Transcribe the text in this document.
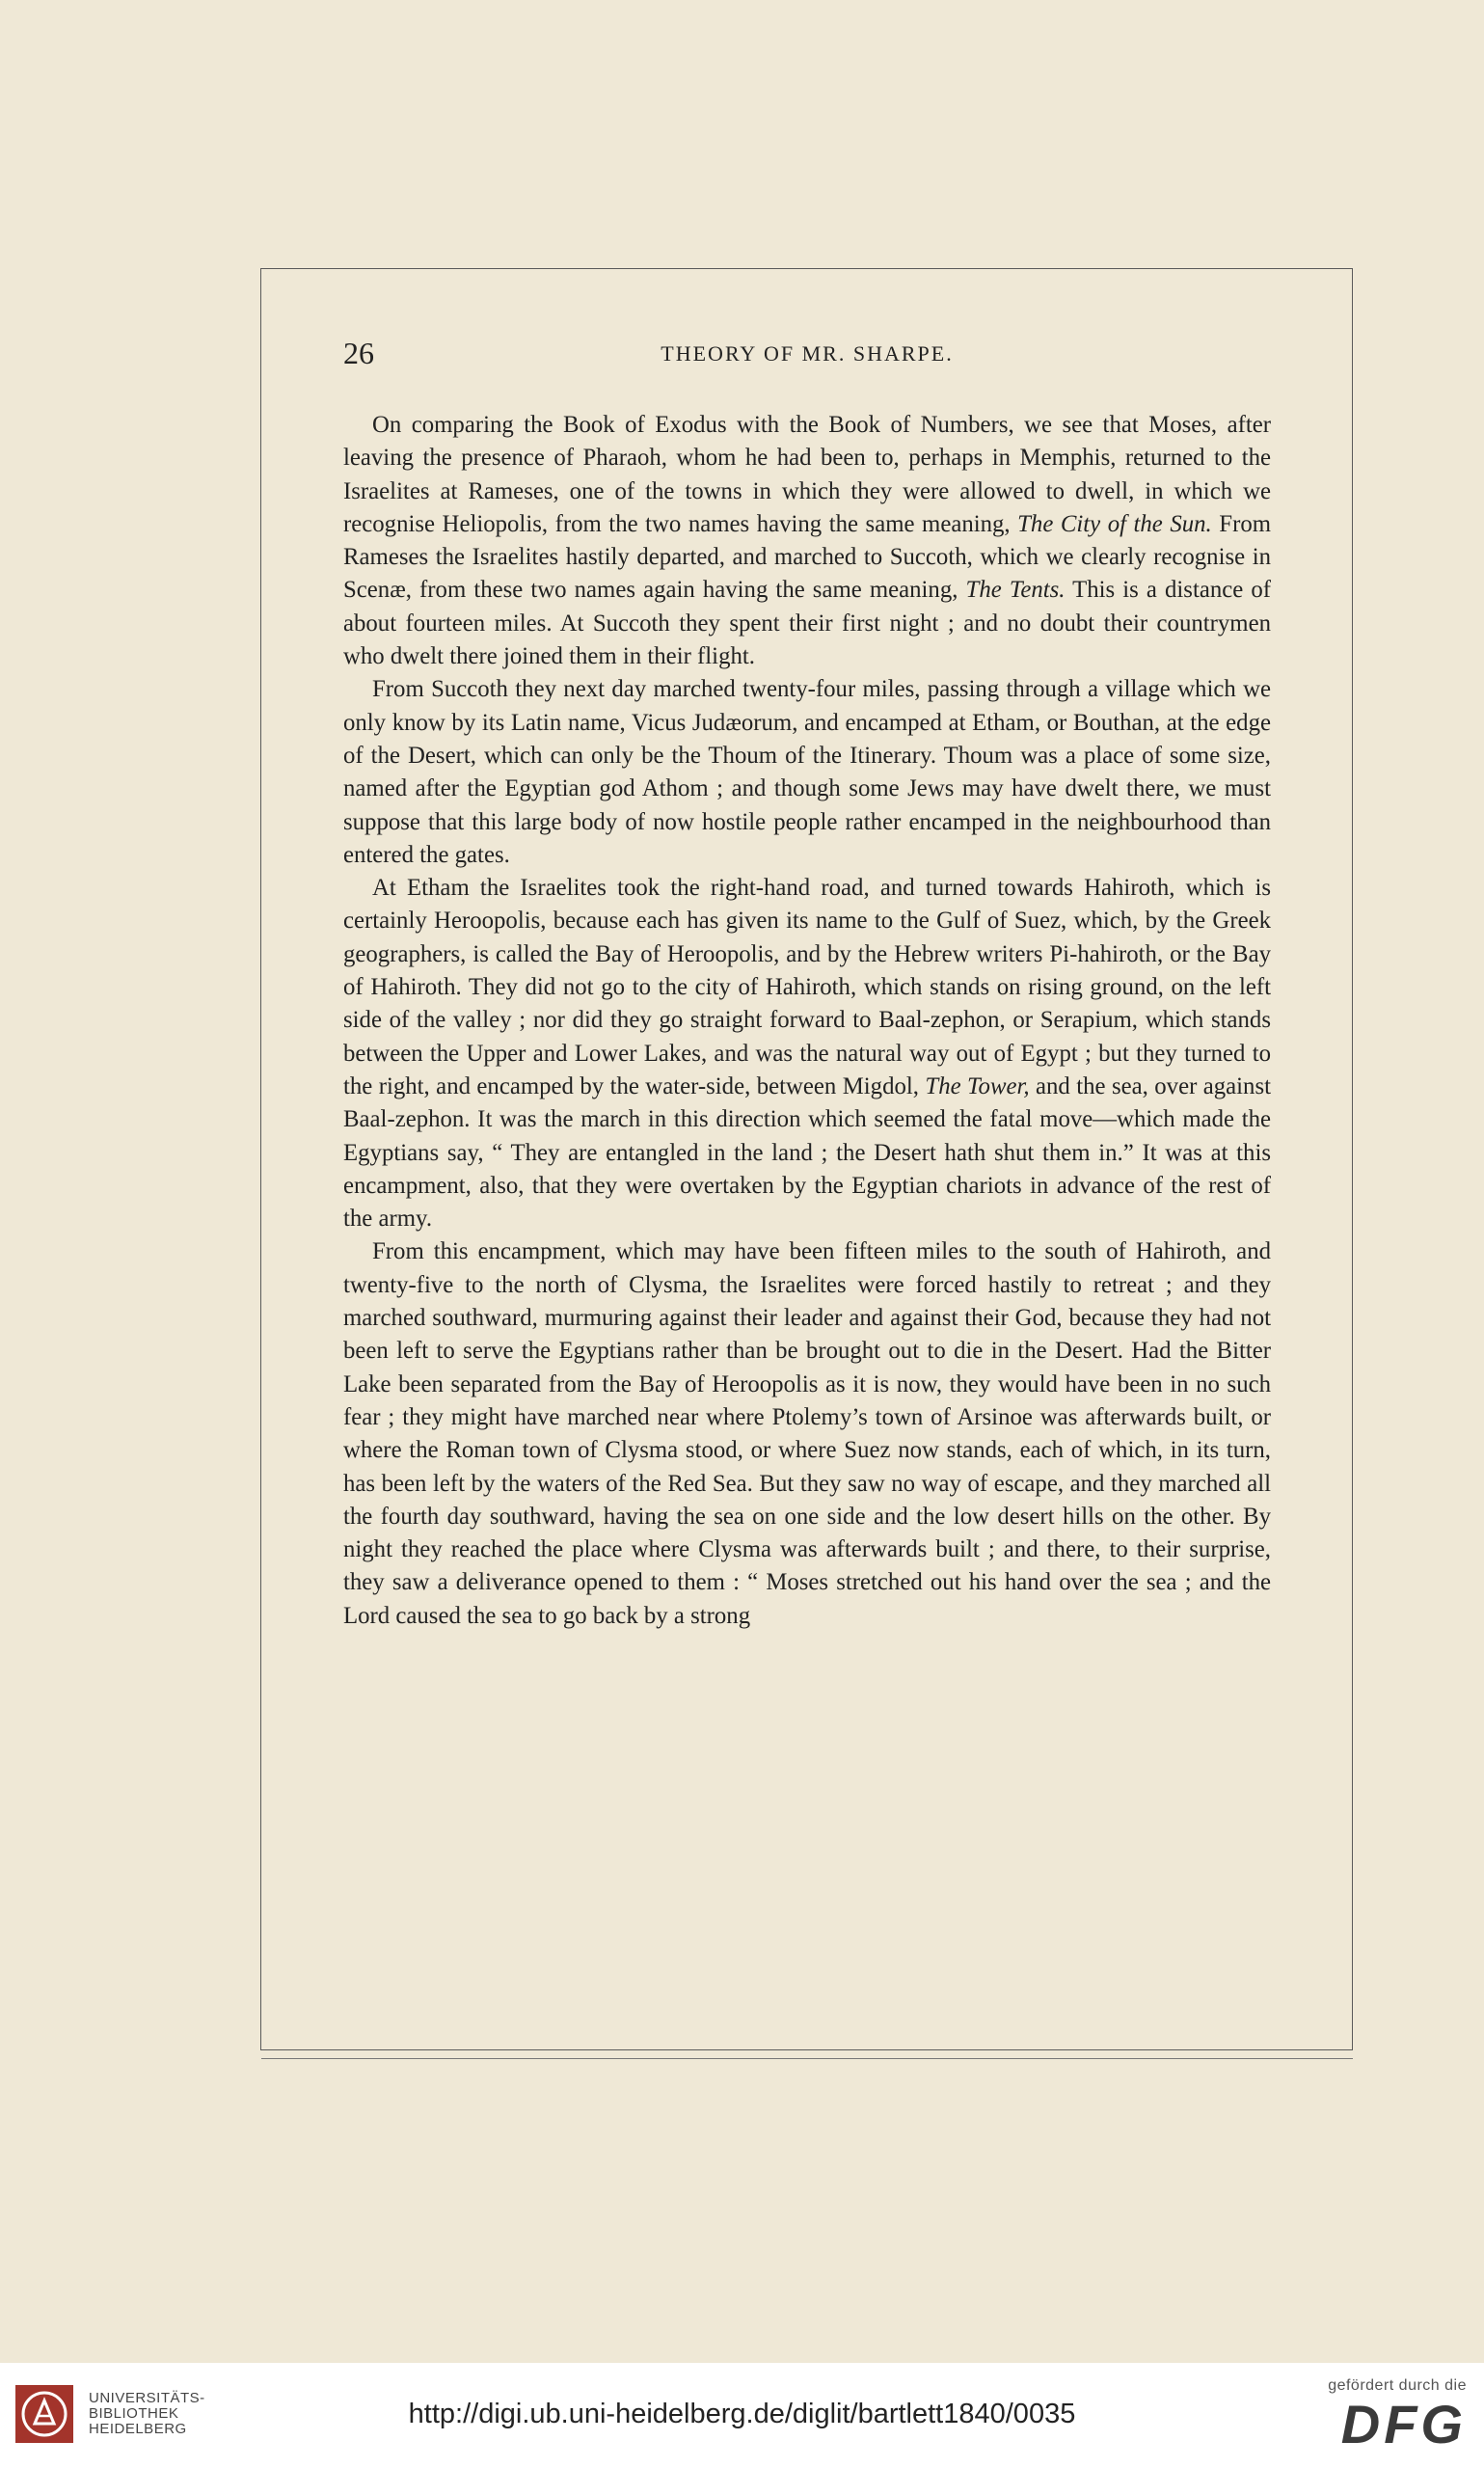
26	THEORY OF MR. SHARPE.

On comparing the Book of Exodus with the Book of Numbers, we see that Moses, after leaving the presence of Pharaoh, whom he had been to, perhaps in Memphis, returned to the Israelites at Rameses, one of the towns in which they were allowed to dwell, in which we recognise Heliopolis, from the two names having the same meaning, The City of the Sun. From Rameses the Israelites hastily departed, and marched to Succoth, which we clearly recognise in Scenæ, from these two names again having the same meaning, The Tents. This is a distance of about fourteen miles. At Succoth they spent their first night ; and no doubt their countrymen who dwelt there joined them in their flight.

From Succoth they next day marched twenty-four miles, passing through a village which we only know by its Latin name, Vicus Judæorum, and encamped at Etham, or Bouthan, at the edge of the Desert, which can only be the Thoum of the Itinerary. Thoum was a place of some size, named after the Egyptian god Athom ; and though some Jews may have dwelt there, we must suppose that this large body of now hostile people rather encamped in the neighbourhood than entered the gates.

At Etham the Israelites took the right-hand road, and turned towards Hahiroth, which is certainly Heroopolis, because each has given its name to the Gulf of Suez, which, by the Greek geographers, is called the Bay of Heroopolis, and by the Hebrew writers Pi-hahiroth, or the Bay of Hahiroth. They did not go to the city of Hahiroth, which stands on rising ground, on the left side of the valley ; nor did they go straight forward to Baal-zephon, or Serapium, which stands between the Upper and Lower Lakes, and was the natural way out of Egypt ; but they turned to the right, and encamped by the water-side, between Migdol, The Tower, and the sea, over against Baal-zephon. It was the march in this direction which seemed the fatal move—which made the Egyptians say, “ They are entangled in the land ; the Desert hath shut them in.” It was at this encampment, also, that they were overtaken by the Egyptian chariots in advance of the rest of the army.

From this encampment, which may have been fifteen miles to the south of Hahiroth, and twenty-five to the north of Clysma, the Israelites were forced hastily to retreat ; and they marched southward, murmuring against their leader and against their God, because they had not been left to serve the Egyptians rather than be brought out to die in the Desert. Had the Bitter Lake been separated from the Bay of Heroopolis as it is now, they would have been in no such fear ; they might have marched near where Ptolemy’s town of Arsinoe was afterwards built, or where the Roman town of Clysma stood, or where Suez now stands, each of which, in its turn, has been left by the waters of the Red Sea. But they saw no way of escape, and they marched all the fourth day southward, having the sea on one side and the low desert hills on the other. By night they reached the place where Clysma was afterwards built ; and there, to their surprise, they saw a deliverance opened to them : “ Moses stretched out his hand over the sea ; and the Lord caused the sea to go back by a strong

UNIVERSITÄTS-
BIBLIOTHEK
HEIDELBERG	http://digi.ub.uni-heidelberg.de/diglit/bartlett1840/0035
gefördert durch die
DFG
